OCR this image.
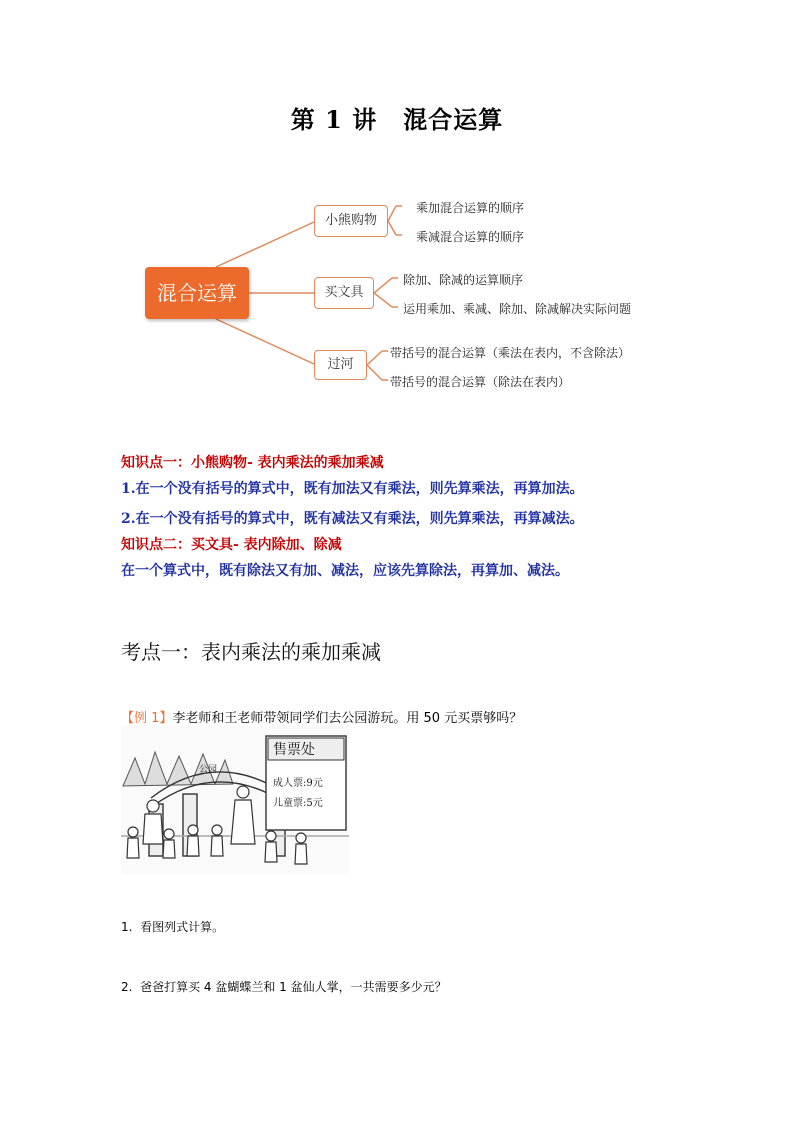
第 1 讲 混合运算
混合运算
小熊购物
买文具
过河
乘加混合运算的顺序
乘减混合运算的顺序
除加、除减的运算顺序
运用乘加、乘减、除加、除减解决实际问题
带括号的混合运算（乘法在表内，不含除法）
带括号的混合运算（除法在表内）
知识点一：小熊购物- 表内乘法的乘加乘减
1.在一个没有括号的算式中，既有加法又有乘法，则先算乘法，再算加法。
2.在一个没有括号的算式中，既有减法又有乘法，则先算乘法，再算减法。
知识点二：买文具- 表内除加、除减
在一个算式中，既有除法又有加、减法，应该先算除法，再算加、减法。
考点一：表内乘法的乘加乘减
【例 1】李老师和王老师带领同学们去公园游玩。用 50 元买票够吗？
公园
售票处
成人票:9元
儿童票:5元
1. 看图列式计算。
2. 爸爸打算买 4 盆蝴蝶兰和 1 盆仙人掌，一共需要多少元？
